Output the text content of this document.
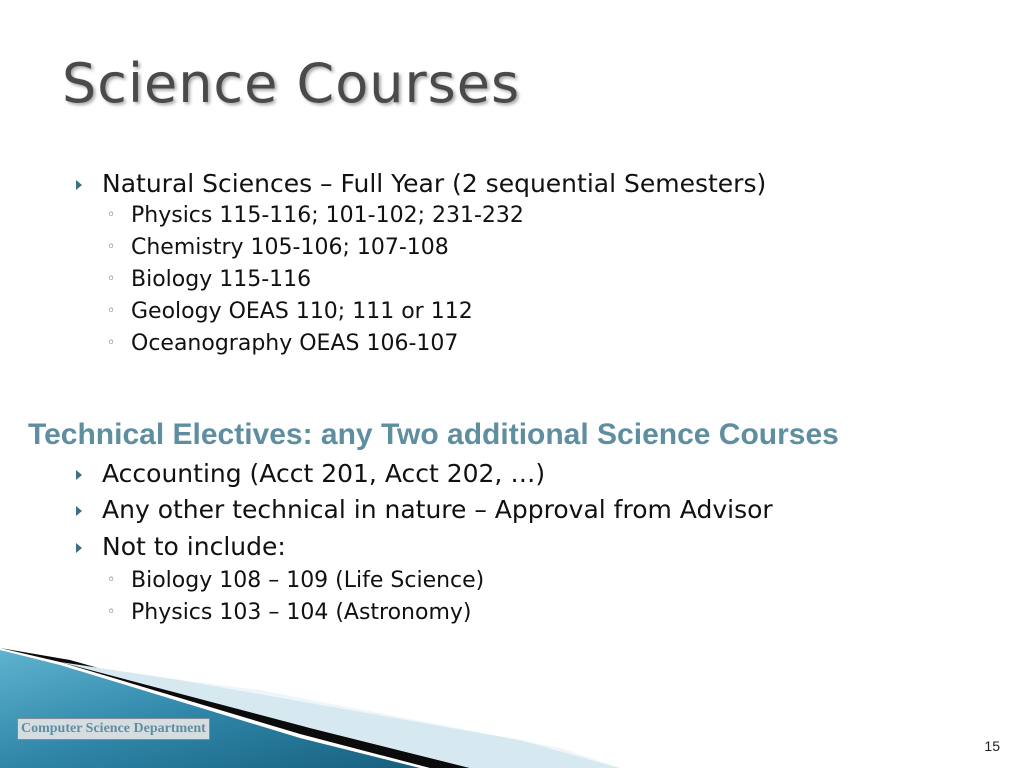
Science Courses
Natural Sciences – Full Year (2 sequential Semesters)
◦ Physics 115-116; 101-102; 231-232
◦ Chemistry 105-106; 107-108
◦ Biology 115-116
◦ Geology OEAS 110; 111 or 112
◦ Oceanography OEAS 106-107
Technical Electives: any Two additional Science Courses
Accounting (Acct 201, Acct 202, …)
Any other technical in nature – Approval from Advisor
Not to include:
◦ Biology 108 – 109 (Life Science)
◦ Physics 103 – 104 (Astronomy)
Computer Science Department
15
